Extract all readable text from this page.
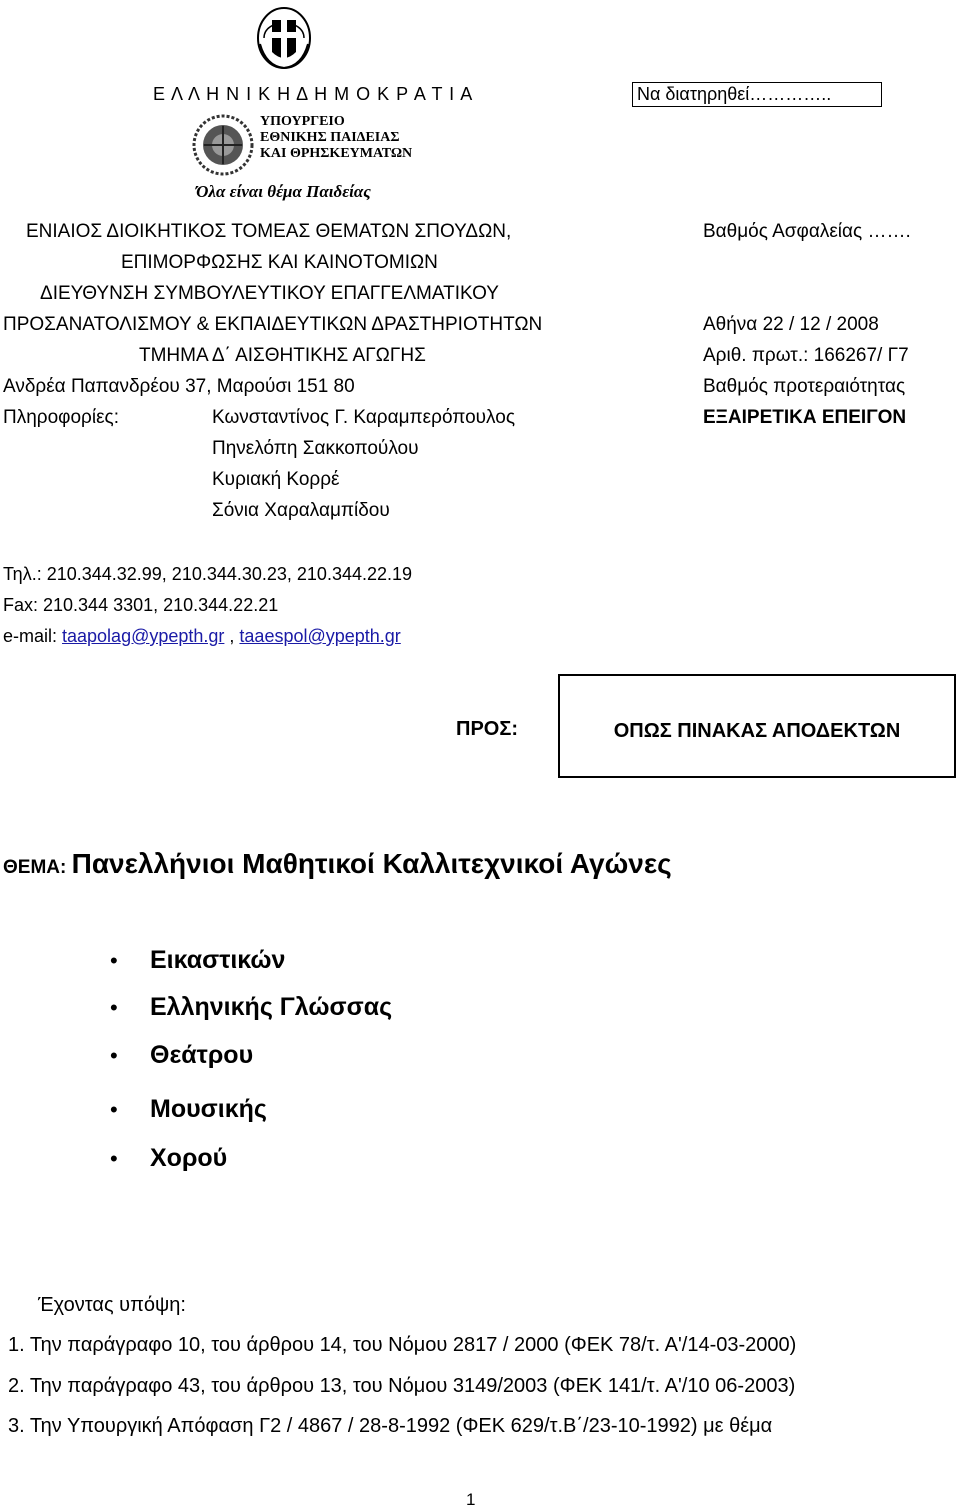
Ε Λ Λ Η Ν Ι Κ Η Δ Η Μ Ο Κ Ρ Α Τ Ι Α	Να διατηρηθεί…………..
ΥΠΟΥΡΓΕΙΟ
ΕΘΝΙΚΗΣ ΠΑΙΔΕΙΑΣ
ΚΑΙ ΘΡΗΣΚΕΥΜΑΤΩΝ
Όλα είναι θέμα Παιδείας
ΕΝΙΑΙΟΣ ΔΙΟΙΚΗΤΙΚΟΣ ΤΟΜΕΑΣ ΘΕΜΑΤΩΝ ΣΠΟΥΔΩΝ,
ΕΠΙΜΟΡΦΩΣΗΣ ΚΑΙ ΚΑΙΝΟΤΟΜΙΩΝ
ΔΙΕΥΘΥΝΣΗ ΣΥΜΒΟΥΛΕΥΤΙΚΟΥ ΕΠΑΓΓΕΛΜΑΤΙΚΟΥ
ΠΡΟΣΑΝΑΤΟΛΙΣΜΟΥ & ΕΚΠΑΙΔΕΥΤΙΚΩΝ ΔΡΑΣΤΗΡΙΟΤΗΤΩΝ
ΤΜΗΜΑ Δ΄ ΑΙΣΘΗΤΙΚΗΣ ΑΓΩΓΗΣ
Ανδρέα Παπανδρέου 37, Μαρούσι 151 80
Πληροφορίες:	Κωνσταντίνος Γ. Καραμπερόπουλος
Πηνελόπη Σακκοπούλου
Κυριακή Κορρέ
Σόνια Χαραλαμπίδου
Βαθμός Ασφαλείας …….
Αθήνα 22 / 12 / 2008
Αριθ. πρωτ.: 166267/ Γ7
Βαθμός προτεραιότητας
ΕΞΑΙΡΕΤΙΚΑ ΕΠΕΙΓΟΝ
Τηλ.: 210.344.32.99, 210.344.30.23, 210.344.22.19
Fax: 210.344 3301, 210.344.22.21
e-mail: taapolag@ypepth.gr , taaespol@ypepth.gr
ΠΡΟΣ:	ΟΠΩΣ ΠΙΝΑΚΑΣ ΑΠΟΔΕΚΤΩΝ
ΘΕΜΑ: Πανελλήνιοι Μαθητικοί Καλλιτεχνικοί Αγώνες
• Εικαστικών
• Ελληνικής Γλώσσας
• Θεάτρου
• Μουσικής
• Χορού
Έχοντας υπόψη:
1. Την παράγραφο 10, του άρθρου 14, του Νόμου 2817 / 2000 (ΦΕΚ 78/τ. Α'/14-03-2000)
2. Την παράγραφο 43, του άρθρου 13, του Νόμου 3149/2003 (ΦΕΚ 141/τ. Α'/10 06-2003)
3. Την Υπουργική Απόφαση Γ2 / 4867 / 28-8-1992 (ΦΕΚ 629/τ.Β΄/23-10-1992) με θέμα
1
